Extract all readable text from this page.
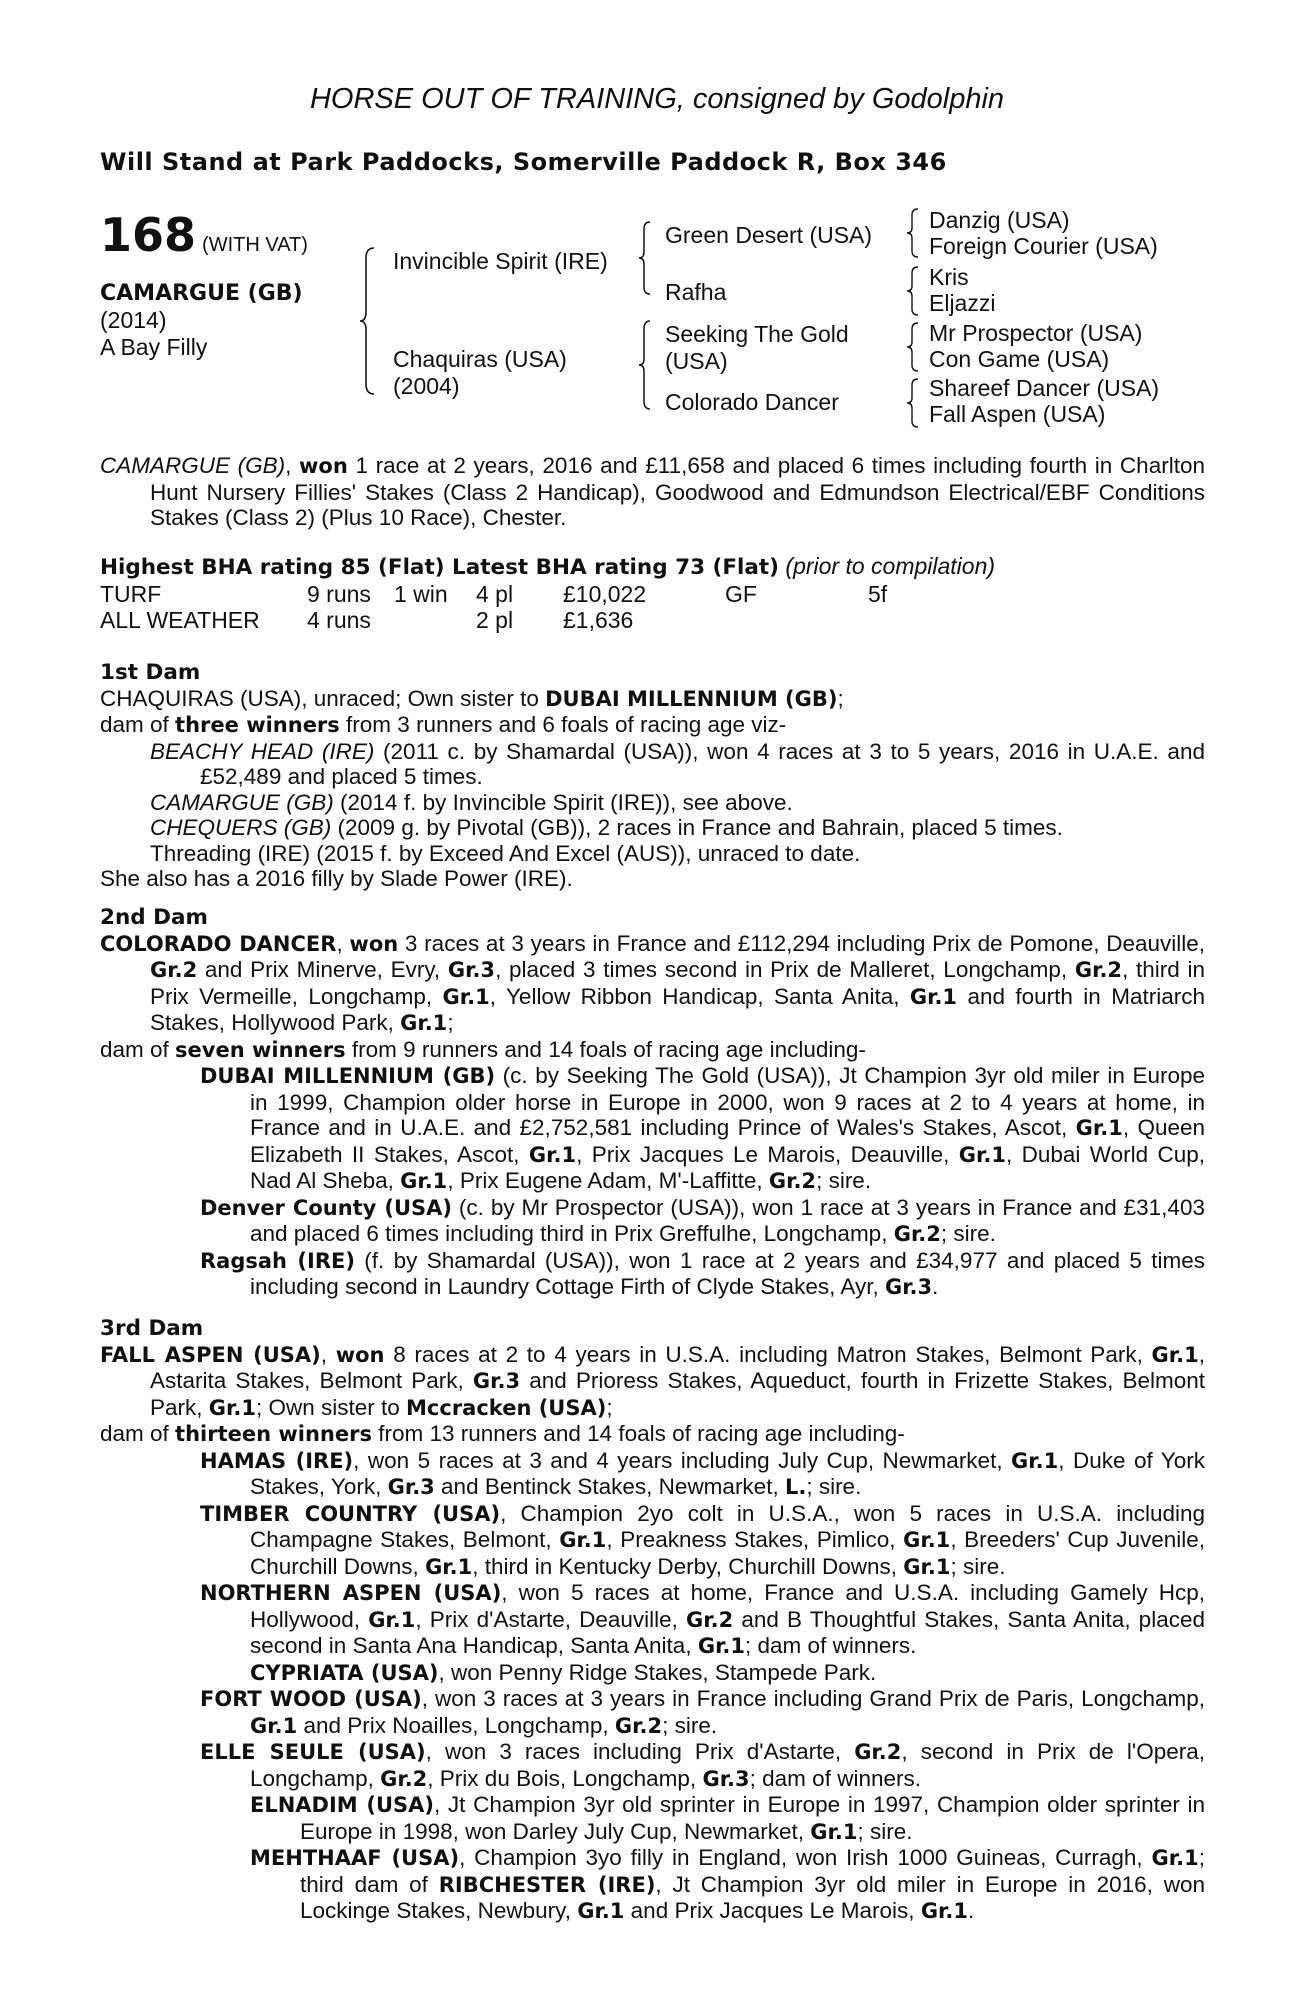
HORSE OUT OF TRAINING, consigned by Godolphin
Will Stand at Park Paddocks, Somerville Paddock R, Box 346
168 (WITH VAT)
CAMARGUE (GB)
(2014)
A Bay Filly
Invincible Spirit (IRE)
Chaquiras (USA)
(2004)
Green Desert (USA)
Rafha
Seeking The Gold
(USA)
Colorado Dancer
Danzig (USA)
Foreign Courier (USA)
Kris
Eljazzi
Mr Prospector (USA)
Con Game (USA)
Shareef Dancer (USA)
Fall Aspen (USA)

CAMARGUE (GB), won 1 race at 2 years, 2016 and £11,658 and placed 6 times including fourth in Charlton Hunt Nursery Fillies' Stakes (Class 2 Handicap), Goodwood and Edmundson Electrical/EBF Conditions Stakes (Class 2) (Plus 10 Race), Chester.

Highest BHA rating 85 (Flat) Latest BHA rating 73 (Flat) (prior to compilation)
TURF	9 runs 1 win 4 pl £10,022	GF	5f
ALL WEATHER 4 runs	2 pl £1,636
1st Dam

CHAQUIRAS (USA), unraced; Own sister to DUBAI MILLENNIUM (GB);

dam of three winners from 3 runners and 6 foals of racing age viz-

BEACHY HEAD (IRE) (2011 c. by Shamardal (USA)), won 4 races at 3 to 5 years, 2016 in U.A.E. and £52,489 and placed 5 times.

CAMARGUE (GB) (2014 f. by Invincible Spirit (IRE)), see above.

CHEQUERS (GB) (2009 g. by Pivotal (GB)), 2 races in France and Bahrain, placed 5 times.

Threading (IRE) (2015 f. by Exceed And Excel (AUS)), unraced to date.

She also has a 2016 filly by Slade Power (IRE).

2nd Dam

COLORADO DANCER, won 3 races at 3 years in France and £112,294 including Prix de Pomone, Deauville, Gr.2 and Prix Minerve, Evry, Gr.3, placed 3 times second in Prix de Malleret, Longchamp, Gr.2, third in Prix Vermeille, Longchamp, Gr.1, Yellow Ribbon Handicap, Santa Anita, Gr.1 and fourth in Matriarch Stakes, Hollywood Park, Gr.1;

dam of seven winners from 9 runners and 14 foals of racing age including-

DUBAI MILLENNIUM (GB) (c. by Seeking The Gold (USA)), Jt Champion 3yr old miler in Europe in 1999, Champion older horse in Europe in 2000, won 9 races at 2 to 4 years at home, in France and in U.A.E. and £2,752,581 including Prince of Wales's Stakes, Ascot, Gr.1, Queen Elizabeth II Stakes, Ascot, Gr.1, Prix Jacques Le Marois, Deauville, Gr.1, Dubai World Cup, Nad Al Sheba, Gr.1, Prix Eugene Adam, M'-Laffitte, Gr.2; sire.

Denver County (USA) (c. by Mr Prospector (USA)), won 1 race at 3 years in France and £31,403 and placed 6 times including third in Prix Greffulhe, Longchamp, Gr.2; sire.

Ragsah (IRE) (f. by Shamardal (USA)), won 1 race at 2 years and £34,977 and placed 5 times including second in Laundry Cottage Firth of Clyde Stakes, Ayr, Gr.3.

3rd Dam

FALL ASPEN (USA), won 8 races at 2 to 4 years in U.S.A. including Matron Stakes, Belmont Park, Gr.1, Astarita Stakes, Belmont Park, Gr.3 and Prioress Stakes, Aqueduct, fourth in Frizette Stakes, Belmont Park, Gr.1; Own sister to Mccracken (USA);

dam of thirteen winners from 13 runners and 14 foals of racing age including-

HAMAS (IRE), won 5 races at 3 and 4 years including July Cup, Newmarket, Gr.1, Duke of York Stakes, York, Gr.3 and Bentinck Stakes, Newmarket, L.; sire.

TIMBER COUNTRY (USA), Champion 2yo colt in U.S.A., won 5 races in U.S.A. including Champagne Stakes, Belmont, Gr.1, Preakness Stakes, Pimlico, Gr.1, Breeders' Cup Juvenile, Churchill Downs, Gr.1, third in Kentucky Derby, Churchill Downs, Gr.1; sire.

NORTHERN ASPEN (USA), won 5 races at home, France and U.S.A. including Gamely Hcp, Hollywood, Gr.1, Prix d'Astarte, Deauville, Gr.2 and B Thoughtful Stakes, Santa Anita, placed second in Santa Ana Handicap, Santa Anita, Gr.1; dam of winners.

CYPRIATA (USA), won Penny Ridge Stakes, Stampede Park.

FORT WOOD (USA), won 3 races at 3 years in France including Grand Prix de Paris, Longchamp, Gr.1 and Prix Noailles, Longchamp, Gr.2; sire.

ELLE SEULE (USA), won 3 races including Prix d'Astarte, Gr.2, second in Prix de l'Opera, Longchamp, Gr.2, Prix du Bois, Longchamp, Gr.3; dam of winners.

ELNADIM (USA), Jt Champion 3yr old sprinter in Europe in 1997, Champion older sprinter in Europe in 1998, won Darley July Cup, Newmarket, Gr.1; sire.

MEHTHAAF (USA), Champion 3yo filly in England, won Irish 1000 Guineas, Curragh, Gr.1; third dam of RIBCHESTER (IRE), Jt Champion 3yr old miler in Europe in 2016, won Lockinge Stakes, Newbury, Gr.1 and Prix Jacques Le Marois, Gr.1.
